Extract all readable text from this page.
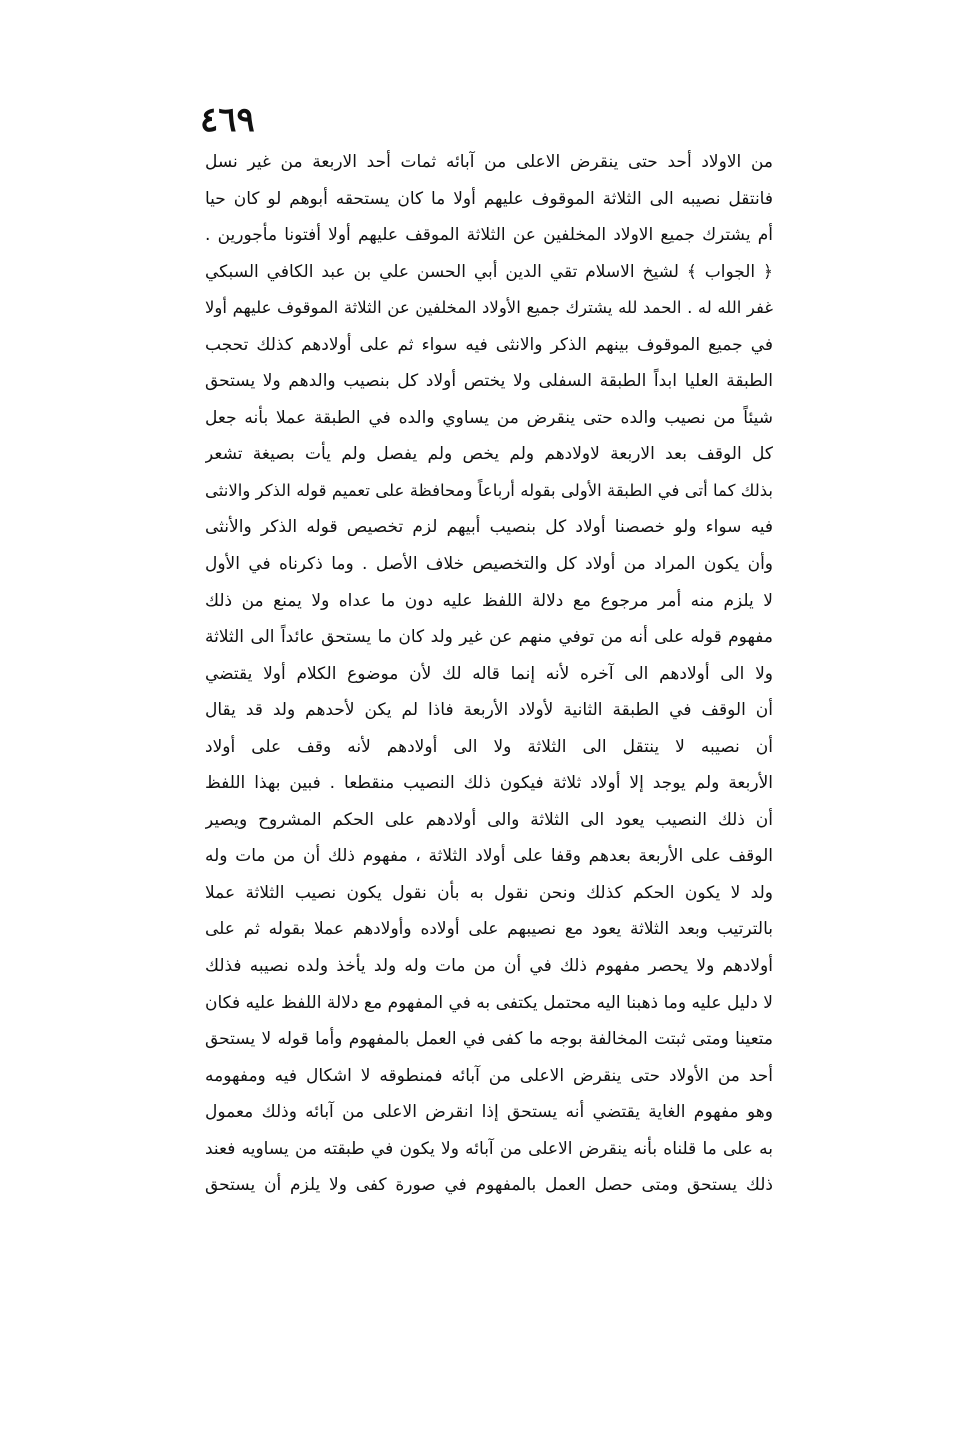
٤٦٩
من الاولاد أحد حتى ينقرض الاعلى من آبائه ثمات أحد الاربعة من غير نسل
فانتقل نصيبه الى الثلاثة الموقوف عليهم أولا ما كان يستحقه أبوهم لو كان حيا
أم يشترك جميع الاولاد المخلفين عن الثلاثة الموقف عليهم أولا أفتونا مأجورين .
﴿ الجواب ﴾ لشيخ الاسلام تقي الدين أبي الحسن علي بن عبد الكافي السبكي
غفر الله له . الحمد لله يشترك جميع الأولاد المخلفين عن الثلاثة الموقوف عليهم أولا
في جميع الموقوف بينهم الذكر والانثى فيه سواء ثم على أولادهم كذلك تحجب
الطبقة العليا ابداً الطبقة السفلى ولا يختص أولاد كل بنصيب والدهم ولا يستحق
شيئاً من نصيب والده حتى ينقرض من يساوي والده في الطبقة عملا بأنه جعل
كل الوقف بعد الاربعة لاولادهم ولم يخص ولم يفصل ولم يأت بصيغة تشعر
بذلك كما أتى في الطبقة الأولى بقوله أرباعاً ومحافظة على تعميم قوله الذكر والانثى
فيه سواء ولو خصصنا أولاد كل بنصيب أبيهم لزم تخصيص قوله الذكر والأنثى
وأن يكون المراد من أولاد كل والتخصيص خلاف الأصل . وما ذكرناه في الأول
لا يلزم منه أمر مرجوع مع دلالة اللفظ عليه دون ما عداه ولا يمنع من ذلك
مفهوم قوله على أنه من توفي منهم عن غير ولد كان ما يستحق عائداً الى الثلاثة
ولا الى أولادهم الى آخره لأنه إنما قاله لك لأن موضوع الكلام أولا يقتضي
أن الوقف في الطبقة الثانية لأولاد الأربعة فاذا لم يكن لأحدهم ولد قد يقال
أن نصيبه لا ينتقل الى الثلاثة ولا الى أولادهم لأنه وقف على أولاد
الأربعة ولم يوجد إلا أولاد ثلاثة فيكون ذلك النصيب منقطعا . فبين بهذا اللفظ
أن ذلك النصيب يعود الى الثلاثة والى أولادهم على الحكم المشروح ويصير
الوقف على الأربعة بعدهم وقفا على أولاد الثلاثة ، مفهوم ذلك أن من مات وله
ولد لا يكون الحكم كذلك ونحن نقول به بأن نقول يكون نصيب الثلاثة عملا
بالترتيب وبعد الثلاثة يعود مع نصيبهم على أولاده وأولادهم عملا بقوله ثم على
أولادهم ولا يحصر مفهوم ذلك في أن من مات وله ولد يأخذ ولده نصيبه فذلك
لا دليل عليه وما ذهبنا اليه محتمل يكتفى به في المفهوم مع دلالة اللفظ عليه فكان
متعينا ومتى ثبتت المخالفة بوجه ما كفى في العمل بالمفهوم وأما قوله لا يستحق
أحد من الأولاد حتى ينقرض الاعلى من آبائه فمنطوقه لا اشكال فيه ومفهومه
وهو مفهوم الغاية يقتضي أنه يستحق إذا انقرض الاعلى من آبائه وذلك معمول
به على ما قلناه بأنه ينقرض الاعلى من آبائه ولا يكون في طبقته من يساويه فعند
ذلك يستحق ومتى حصل العمل بالمفهوم في صورة كفى ولا يلزم أن يستحق
